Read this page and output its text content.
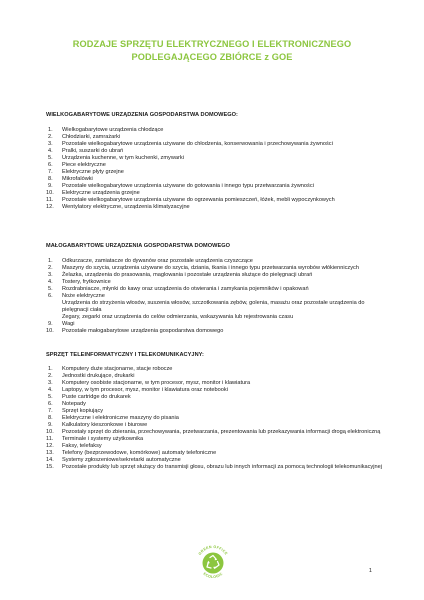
RODZAJE SPRZĘTU ELEKTRYCZNEGO I ELEKTRONICZNEGO
PODLEGAJĄCEGO ZBIÓRCE z GOE
WIELKOGABARYTOWE URZĄDZENIA GOSPODARSTWA DOMOWEGO:
1. Wielkogabarytowe urządzenia chłodzące
2. Chłodziarki, zamrażarki
3. Pozostałe wielkogabarytowe urządzenia używane do chłodzenia, konserwowania i przechowywania żywności
4. Pralki, suszarki do ubrań
5. Urządzenia kuchenne, w tym kuchenki, zmywarki
6. Piece elektryczne
7. Elektryczne płyty grzejne
8. Mikrofalówki
9. Pozostałe wielkogabarytowe urządzenia używane do gotowania i innego typu przetwarzania żywności
10. Elektryczne urządzenia grzejne
11. Pozostałe wielkogabarytowe urządzenia używane do ogrzewania pomieszczeń, łóżek, mebli wypoczynkowych
12. Wentylatory elektryczne, urządzenia klimatyzacyjne
MAŁOGABARYTOWE URZĄDZENIA GOSPODARSTWA DOMOWEGO
1. Odkurzacze, zamiatacze do dywanów oraz pozostałe urządzenia czyszczące
2. Maszyny do szycia, urządzenia używane do szycia, dziania, tkania i innego typu przetwarzania wyrobów włókienniczych
3. Żelazka, urządzenia do prasowania, maglowania i pozostałe urządzenia służące do pielęgnacji ubrań
4. Tostery, frytkownice
5. Rozdrabniacze, młynki do kawy oraz urządzenia do otwierania i zamykania pojemników i opakowań
6. Noże elektryczne
Urządzenia do strzyżenia włosów, suszenia włosów, szczotkowania zębów, golenia, masażu oraz pozostałe urządzenia do pielęgnacji ciała
Zegary, zegarki oraz urządzenia do celów odmierzania, wskazywania lub rejestrowania czasu
9. Wagi
10. Pozostałe małogabarytowe urządzenia gospodarstwa domowego
SPRZĘT TELEINFORMATYCZNY I TELEKOMUNIKACYJNY:
1. Komputery duże stacjonarne, stacje robocze
2. Jednostki drukujące, drukarki
3. Komputery osobiste stacjonarne, w tym procesor, mysz, monitor i klawiatura
4. Laptopy, w tym procesor, mysz, monitor i klawiatura oraz notebooki
5. Puste cartridge do drukarek
6. Notepady
7. Sprzęt kopiujący
8. Elektryczne i elektroniczne maszyny do pisania
9. Kalkulatory kieszonkowe i biurowe
10. Pozostały sprzęt do zbierania, przechowywania, przetwarzania, prezentowania lub przekazywania informacji drogą elektroniczną
11. Terminale i systemy użytkownika
12. Faksy, telefaksy
13. Telefony (bezprzewodowe, komórkowe) automaty telefoniczne
14. Systemy zgłoszeniowe/sekretarki automatyczne
15. Pozostałe produkty lub sprzęt służący do transmisji głosu, obrazu lub innych informacji za pomocą technologii telekomunikacyjnej
GREEN OFFICE
ECOLOGIC
1
